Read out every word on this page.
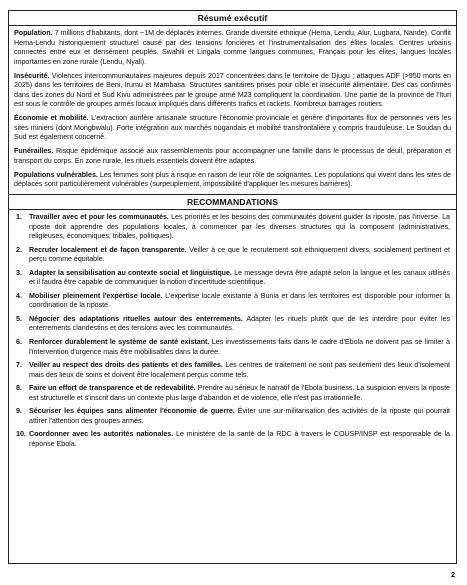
Résumé exécutif

Population. 7 millions d'habitants, dont ~1M de déplacés internes. Grande diversité ethnique (Hema, Lendu, Alur, Lugbara, Nande). Conflit Hema-Lendu historiquement structurel causé par des tensions foncières et l'instrumentalisation des élites locales. Centres urbains connectés entre eux et densément peuplés. Swahili et Lingala comme langues communes, Français pour les élites, langues locales importantes en zone rurale (Lendu, Nyali).

Insécurité. Violences intercommunautaires majeures depuis 2017 concentrées dans le territoire de Djugu ; attaques ADF (>950 morts en 2025) dans les territoires de Beni, Irumu et Mambasa. Structures sanitaires prises pour cible et insécurité alimentaire. Des cas confirmés dans des zones du Nord et Sud Kivu administrées par le groupe armé M23 compliquent la coordination. Une partie de la province de l'Ituri est sous le contrôle de groupes armés locaux impliqués dans différents trafics et rackets. Nombreux barrages routiers.

Économie et mobilité. L'extraction aurifère artisanale structure l'économie provinciale et génère d'importants flux de personnes vers les sites miniers (dont Mongbwalu). Forte intégration aux marchés ougandais et mobilité transfrontalière y compris frauduleuse. Le Soudan du Sud est également concerné.

Funérailles. Risque épidémique associé aux rassemblements pour accompagner une famille dans le processus de deuil, préparation et transport du corps. En zone rurale, les rituels essentiels doivent être adaptés.

Populations vulnérables. Les femmes sont plus à risque en raison de leur rôle de soignantes. Les populations qui vivent dans les sites de déplacés sont particulièrement vulnérables (surpeuplement, impossibilité d'appliquer les mesures barrières).

RECOMMANDATIONS
1. Travailler avec et pour les communautés. Les priorités et les besoins des communautés doivent guider la riposte, pas l'inverse. La riposte doit apprendre des populations locales, à commencer par les diverses structures qui la composent (administratives, religieuses, économiques, tribales, politiques).
2. Recruter localement et de façon transparente. Veiller à ce que le recrutement soit ethniquement divers, socialement pertinent et perçu comme équitable.
3. Adapter la sensibilisation au contexte social et linguistique. Le message devra être adapté selon la langue et les canaux utilisés et il faudra être capable de communiquer la notion d'incertitude scientifique.
4. Mobiliser pleinement l'expertise locale. L'expertise locale existante à Bunia et dans les territoires est disponible pour informer la coordination de la riposte.
5. Négocier des adaptations rituelles autour des enterrements. Adapter les rituels plutôt que de les interdire pour éviter les enterrements clandestins et des tensions avec les communautés.
6. Renforcer durablement le système de santé existant. Les investissements faits dans le cadre d'Ebola ne doivent pas se limiter à l'intervention d'urgence mais être mobilisables dans la durée.
7. Veiller au respect des droits des patients et des familles. Les centres de traitement ne sont pas seulement des lieux d'isolement mais des lieux de soins et doivent être localement perçus comme tels.
8. Faire un effort de transparence et de redevabilité. Prendre au sérieux le narratif de l'Ebola business. La suspicion envers la riposte est structurelle et s'inscrit dans un contexte plus large d'abandon et de violence, elle n'est pas irrationnelle.
9. Sécuriser les équipes sans alimenter l'économie de guerre. Éviter une sur-militarisation des activités de la riposte qui pourrait attirer l'attention des groupes armés.
10. Coordonner avec les autorités nationales. Le ministère de la santé de la RDC à travers le COUSP/INSP est responsable de la réponse Ebola.
2
